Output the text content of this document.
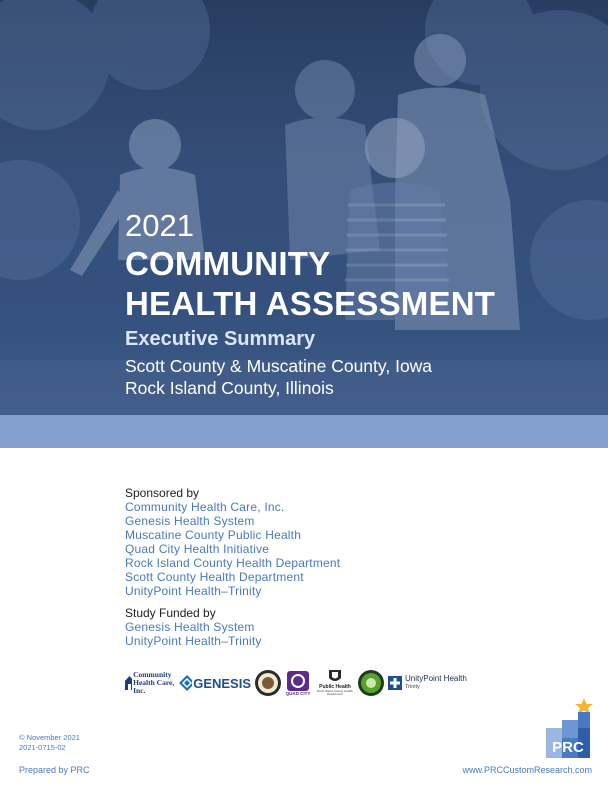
2021
COMMUNITY
HEALTH ASSESSMENT
Executive Summary
Scott County & Muscatine County, Iowa
Rock Island County, Illinois
Sponsored by
Community Health Care, Inc.
Genesis Health System
Muscatine County Public Health
Quad City Health Initiative
Rock Island County Health Department
Scott County Health Department
UnityPoint Health–Trinity
Study Funded by
Genesis Health System
UnityPoint Health–Trinity
Community
Health Care, Inc.	GENESIS
QUAD CITY
Public Health
Rock Island County Health Department
UnityPoint Health
Trinity
© November 2021
2021-0715-02
Prepared by PRC	www.PRCCustomResearch.com
PRC
